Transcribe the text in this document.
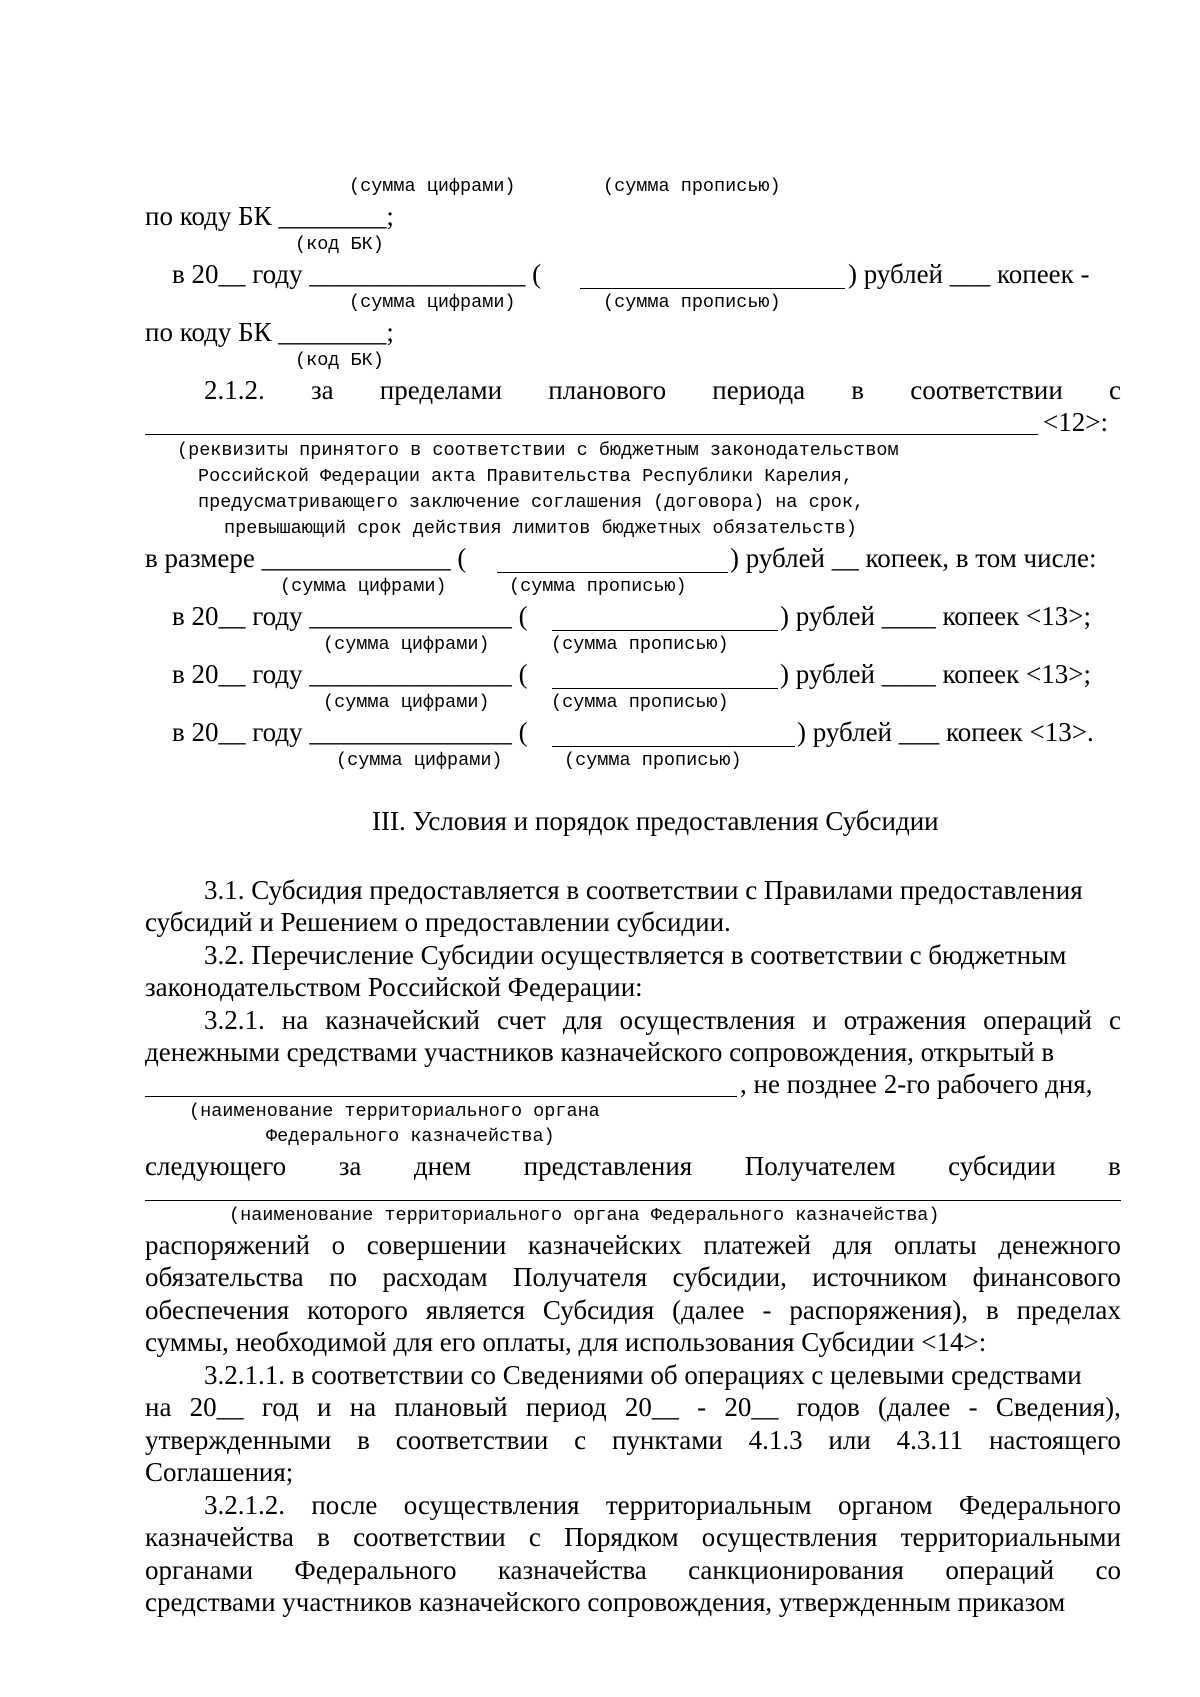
(сумма цифрами)	(сумма прописью)
по коду БК ________;
(код БК)
в 20__ году ________________ (	) рублей ___ копеек -
(сумма цифрами)	(сумма прописью)
по коду БК ________;
(код БК)
2.1.2. за пределами планового периода в соответствии с
<12>:
(реквизиты принятого в соответствии с бюджетным законодательством
Российской Федерации акта Правительства Республики Карелия,
предусматривающего заключение соглашения (договора) на срок,
превышающий срок действия лимитов бюджетных обязательств)
в размере ______________ (	) рублей __ копеек, в том числе:
(сумма цифрами)	(сумма прописью)
в 20__ году _______________ (	) рублей ____ копеек <13>;
(сумма цифрами)	(сумма прописью)
в 20__ году _______________ (	) рублей ____ копеек <13>;
(сумма цифрами)	(сумма прописью)
в 20__ году _______________ (	) рублей ___ копеек <13>.
(сумма цифрами)	(сумма прописью)
III. Условия и порядок предоставления Субсидии
3.1. Субсидия предоставляется в соответствии с Правилами предоставления
субсидий и Решением о предоставлении субсидии.
3.2. Перечисление Субсидии осуществляется в соответствии с бюджетным
законодательством Российской Федерации:
3.2.1. на казначейский счет для осуществления и отражения операций с
денежными средствами участников казначейского сопровождения, открытый в
, не позднее 2-го рабочего дня,
(наименование территориального органа
Федерального казначейства)
следующего за днем представления Получателем субсидии в
(наименование территориального органа Федерального казначейства)
распоряжений о совершении казначейских платежей для оплаты денежного
обязательства по расходам Получателя субсидии, источником финансового
обеспечения которого является Субсидия (далее - распоряжения), в пределах
суммы, необходимой для его оплаты, для использования Субсидии <14>:
3.2.1.1. в соответствии со Сведениями об операциях с целевыми средствами
на 20__ год и на плановый период 20__ - 20__ годов (далее - Сведения),
утвержденными в соответствии с пунктами 4.1.3 или 4.3.11 настоящего
Соглашения;
3.2.1.2. после осуществления территориальным органом Федерального
казначейства в соответствии с Порядком осуществления территориальными
органами Федерального казначейства санкционирования операций со
средствами участников казначейского сопровождения, утвержденным приказом
